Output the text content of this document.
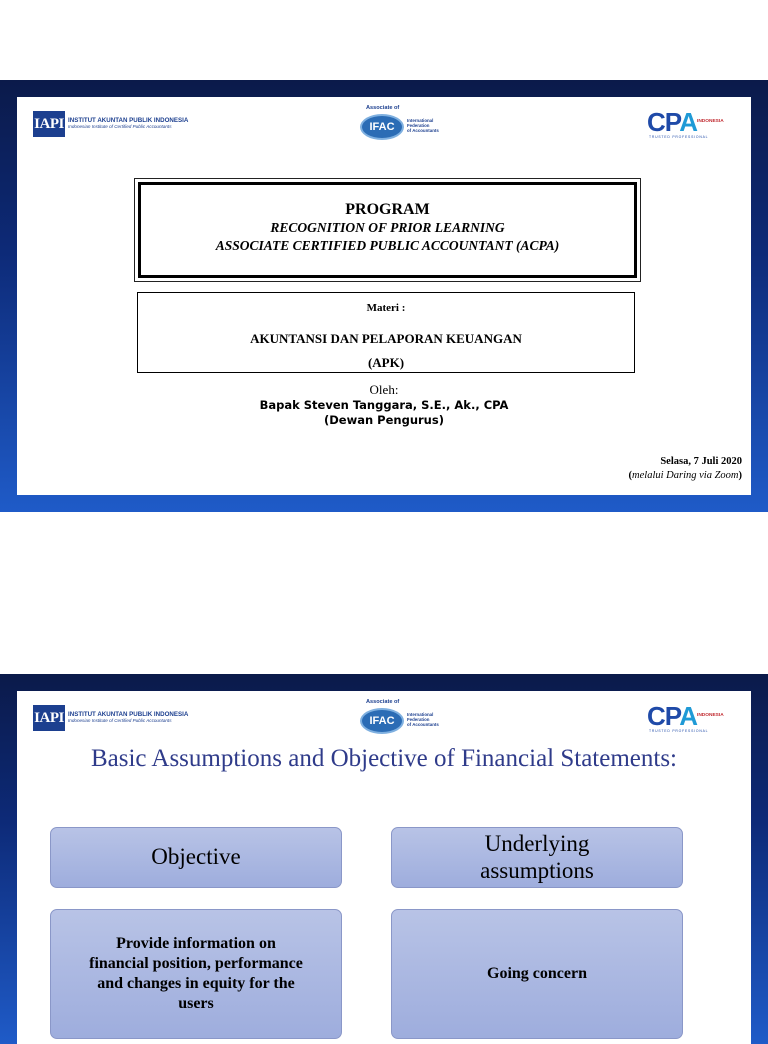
IAPI INSTITUT AKUNTAN PUBLIK INDONESIA
Indonesian Institute of Certified Public Accountants
Associate of
IFAC
International
Federation
of Accountants	CPA INDONESIA
TRUSTED PROFESSIONAL
PROGRAM
RECOGNITION OF PRIOR LEARNING
ASSOCIATE CERTIFIED PUBLIC ACCOUNTANT (ACPA)
Materi :
AKUNTANSI DAN PELAPORAN KEUANGAN
(APK)
Oleh:
Bapak Steven Tanggara, S.E., Ak., CPA
(Dewan Pengurus)
Selasa, 7 Juli 2020
(melalui Daring via Zoom)
IAPI INSTITUT AKUNTAN PUBLIK INDONESIA
Indonesian Institute of Certified Public Accountants
Associate of
IFAC
International
Federation
of Accountants	CPA INDONESIA
TRUSTED PROFESSIONAL
Basic Assumptions and Objective of Financial Statements:
Objective
Underlying
assumptions
Provide information on
financial position, performance
and changes in equity for the
users
Going concern
